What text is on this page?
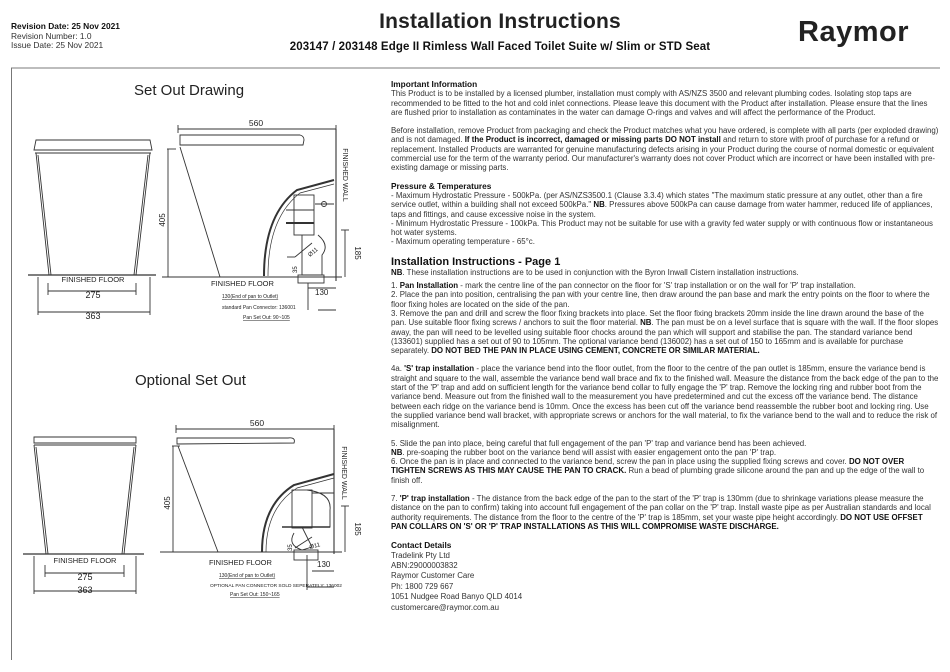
Revision Date: 25 Nov 2021
Revision Number: 1.0
Issue Date: 25 Nov 2021
Installation Instructions
203147 / 203148 Edge II Rimless Wall Faced Toilet Suite w/ Slim or STD Seat	Raymor
Set Out Drawing
FINISHED FLOOR
275
363
560
405
185
FINISHED WALL
Ø11
35
FINISHED FLOOR
130
130(End of pan to Outlet)
standard Pan Connector: 136001
Pan Set Out: 90~105
Optional Set Out
FINISHED FLOOR
275
363
560
405
185
FINISHED WALL
Ø11
35
FINISHED FLOOR	130
130(End of pan to Outlet)
OPTIONAL PAN CONNECTOR SOLD SEPERATELY: 136002
Pan Set Out: 150~165

Important Information

This Product is to be installed by a licensed plumber, installation must comply with AS/NZS 3500 and relevant plumbing codes. Isolating stop taps are recommended to be fitted to the hot and cold inlet connections. Please leave this document with the Product after installation. Please ensure that the lines are flushed prior to installation as contaminates in the water can damage O-rings and valves and will affect the performance of the Product.

Before installation, remove Product from packaging and check the Product matches what you have ordered, is complete with all parts (per exploded drawing) and is not damaged. If the Product is incorrect, damaged or missing parts DO NOT install and return to store with proof of purchase for a refund or replacement. Installed Products are warranted for genuine manufacturing defects arising in your Product during the course of normal domestic or equivalent commercial use for the term of the warranty period. Our manufacturer's warranty does not cover Product which are incorrect or have been installed with pre-existing damage or missing parts.

Pressure & Temperatures

- Maximum Hydrostatic Pressure - 500kPa. (per AS/NZS3500.1 (Clause 3.3.4) which states "The maximum static pressure at any outlet, other than a fire service outlet, within a building shall not exceed 500kPa." NB. Pressures above 500kPa can cause damage from water hammer, reduced life of appliances, taps and fittings, and cause excessive noise in the system.

- Minimum Hydrostatic Pressure - 100kPa. This Product may not be suitable for use with a gravity fed water supply or with continuous flow or instantaneous hot water systems.

- Maximum operating temperature - 65°c.

Installation Instructions - Page 1

NB. These installation instructions are to be used in conjunction with the Byron Inwall Cistern installation instructions.

1. Pan Installation - mark the centre line of the pan connector on the floor for 'S' trap installation or on the wall for 'P' trap installation.

2. Place the pan into position, centralising the pan with your centre line, then draw around the pan base and mark the entry points on the floor to where the floor fixing holes are located on the side of the pan.

3. Remove the pan and drill and screw the floor fixing brackets into place. Set the floor fixing brackets 20mm inside the line drawn around the base of the pan. Use suitable floor fixing screws / anchors to suit the floor material. NB. The pan must be on a level surface that is square with the wall. If the floor slopes away, the pan will need to be levelled using suitable floor chocks around the pan which will support and stabilise the pan. The standard variance bend (133601) supplied has a set out of 90 to 105mm. The optional variance bend (136002) has a set out of 150 to 165mm and is available for purchase separately. DO NOT BED THE PAN IN PLACE USING CEMENT, CONCRETE OR SIMILAR MATERIAL.

4a. 'S' trap installation - place the variance bend into the floor outlet, from the floor to the centre of the pan outlet is 185mm, ensure the variance bend is straight and square to the wall, assemble the variance bend wall brace and fix to the finished wall. Measure the distance from the back edge of the pan to the start of the 'P' trap and add on sufficient length for the variance bend collar to fully engage the 'P' trap. Remove the locking ring and rubber boot from the variance bend. Measure out from the finished wall to the measurement you have predetermined and cut the excess off the variance bend. The distance between each ridge on the variance bend is 10mm. Once the excess has been cut off the variance bend reassemble the rubber boot and locking ring. Use the supplied variance bend wall bracket, with appropriate screws or anchors for the wall material, to fix the variance bend to the wall and to reduce the risk of misalignment.

5. Slide the pan into place, being careful that full engagement of the pan 'P' trap and variance bend has been achieved.

NB. pre-soaping the rubber boot on the variance bend will assist with easier engagement onto the pan 'P' trap.

6. Once the pan is in place and connected to the variance bend, screw the pan in place using the supplied fixing screws and cover. DO NOT OVER TIGHTEN SCREWS AS THIS MAY CAUSE THE PAN TO CRACK. Run a bead of plumbing grade silicone around the pan and up the edge of the wall to finish off.

7. 'P' trap installation - The distance from the back edge of the pan to the start of the 'P' trap is 130mm (due to shrinkage variations please measure the distance on the pan to confirm) taking into account full engagement of the pan collar on the 'P' trap. Install waste pipe as per Australian standards and local authority requirements. The distance from the floor to the centre of the 'P' trap is 185mm, set your waste pipe height accordingly. DO NOT USE OFFSET PAN COLLARS ON 'S' OR 'P' TRAP INSTALLATIONS AS THIS WILL COMPROMISE WASTE DISCHARGE.

Contact Details

Tradelink Pty Ltd

ABN:29000003832

Raymor Customer Care

Ph: 1800 729 667

1051 Nudgee Road Banyo QLD 4014

customercare@raymor.com.au
